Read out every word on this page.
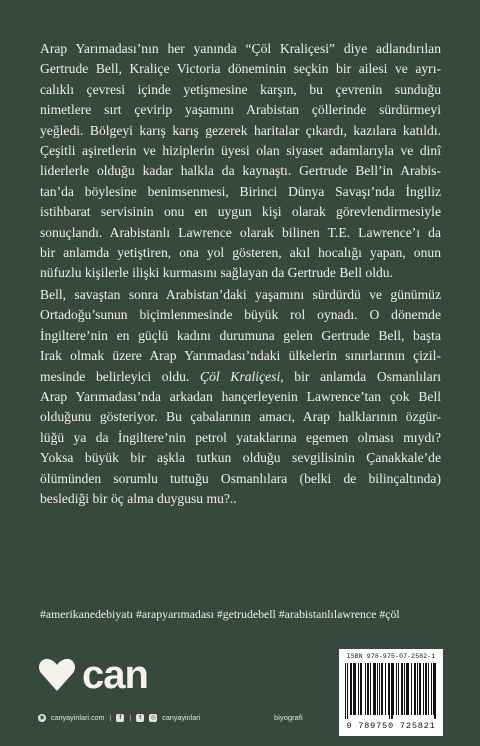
Arap Yarımadası’nın her yanında “Çöl Kraliçesi” diye adlandırılan

Gertrude Bell, Kraliçe Victoria döneminin seçkin bir ailesi ve ayrı-

calıklı çevresi içinde yetişmesine karşın, bu çevrenin sunduğu

nimetlere sırt çevirip yaşamını Arabistan çöllerinde sürdürmeyi

yeğledi. Bölgeyi karış karış gezerek haritalar çıkardı, kazılara katıldı.

Çeşitli aşiretlerin ve hiziplerin üyesi olan siyaset adamlarıyla ve dinî

liderlerle olduğu kadar halkla da kaynaştı. Gertrude Bell’in Arabis-

tan’da böylesine benimsenmesi, Birinci Dünya Savaşı’nda İngiliz

istihbarat servisinin onu en uygun kişi olarak görevlendirmesiyle

sonuçlandı. Arabistanlı Lawrence olarak bilinen T.E. Lawrence’ı da

bir anlamda yetiştiren, ona yol gösteren, akıl hocalığı yapan, onun

nüfuzlu kişilerle ilişki kurmasını sağlayan da Gertrude Bell oldu.

Bell, savaştan sonra Arabistan’daki yaşamını sürdürdü ve günümüz

Ortadoğu’sunun biçimlenmesinde büyük rol oynadı. O dönemde

İngiltere’nin en güçlü kadını durumuna gelen Gertrude Bell, başta

Irak olmak üzere Arap Yarımadası’ndaki ülkelerin sınırlarının çizil-

mesinde belirleyici oldu. Çöl Kraliçesi, bir anlamda Osmanlıları

Arap Yarımadası’nda arkadan hançerleyenin Lawrence’tan çok Bell

olduğunu gösteriyor. Bu çabalarının amacı, Arap halklarının özgür-

lüğü ya da İngiltere’nin petrol yataklarına egemen olması mıydı?

Yoksa büyük bir aşkla tutkun olduğu sevgilisinin Çanakkale’de

ölümünden sorumlu tuttuğu Osmanlılara (belki de bilinçaltında)

beslediği bir öç alma duygusu mu?..

#amerikanedebiyatı #arapyarımadası #getrudebell #arabistanlılawrence #çöl
can
◉ canyayinlari.com |	f	|	t	◎ canyayinlari	biyografi
ISBN 978-975-07-2582-1
9 789750 725821
